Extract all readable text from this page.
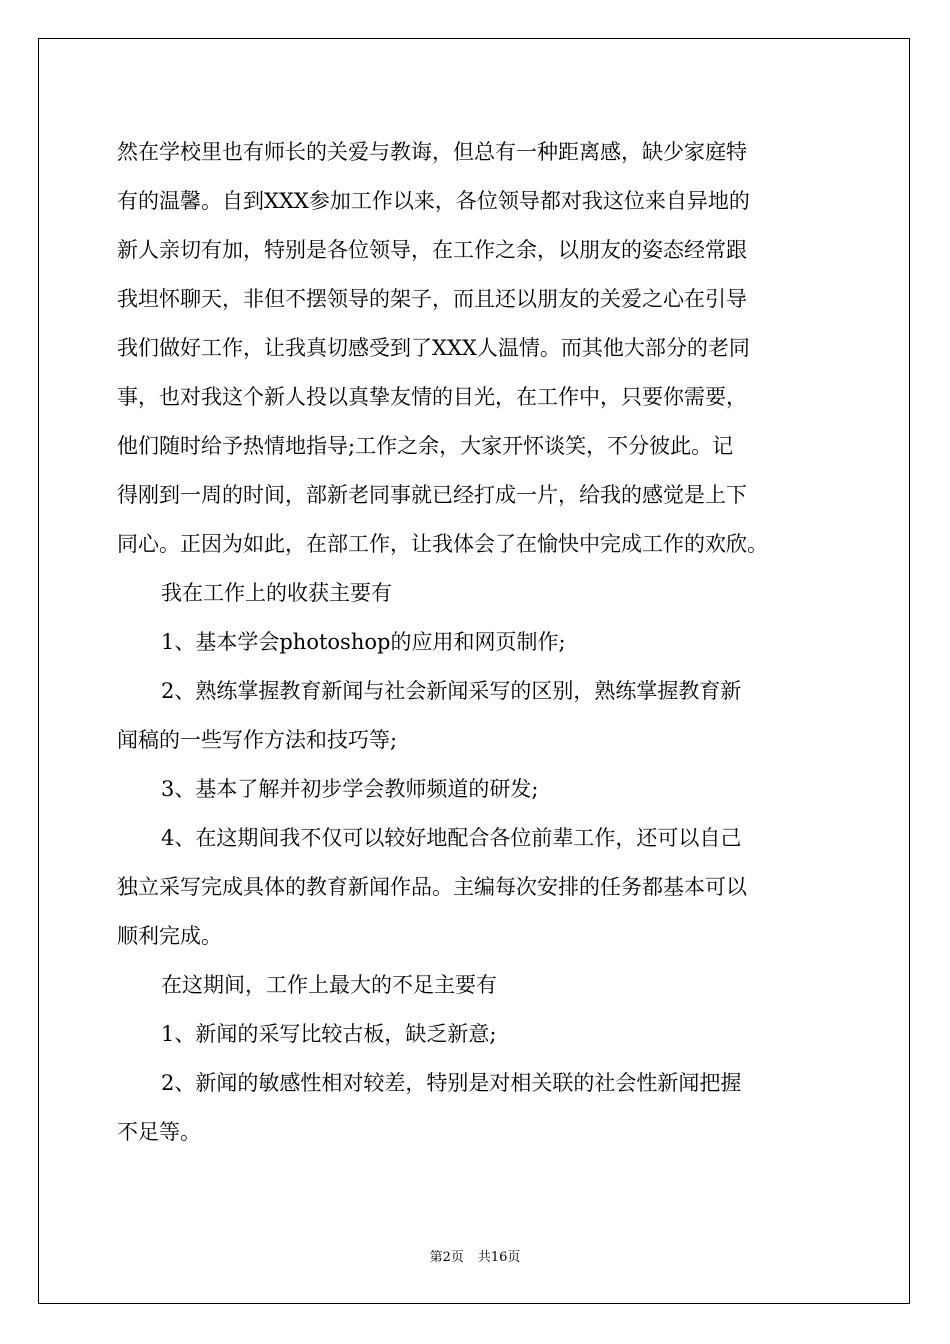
然在学校里也有师长的关爱与教诲，但总有一种距离感，缺少家庭特
有的温馨。自到XXX参加工作以来，各位领导都对我这位来自异地的
新人亲切有加，特别是各位领导，在工作之余，以朋友的姿态经常跟
我坦怀聊天，非但不摆领导的架子，而且还以朋友的关爱之心在引导
我们做好工作，让我真切感受到了XXX人温情。而其他大部分的老同
事，也对我这个新人投以真挚友情的目光，在工作中，只要你需要，
他们随时给予热情地指导;工作之余，大家开怀谈笑，不分彼此。记
得刚到一周的时间，部新老同事就已经打成一片，给我的感觉是上下
同心。正因为如此，在部工作，让我体会了在愉快中完成工作的欢欣。
我在工作上的收获主要有
1、基本学会photoshop的应用和网页制作;
2、熟练掌握教育新闻与社会新闻采写的区别，熟练掌握教育新
闻稿的一些写作方法和技巧等;
3、基本了解并初步学会教师频道的研发;
4、在这期间我不仅可以较好地配合各位前辈工作，还可以自己
独立采写完成具体的教育新闻作品。主编每次安排的任务都基本可以
顺利完成。
在这期间，工作上最大的不足主要有
1、新闻的采写比较古板，缺乏新意;
2、新闻的敏感性相对较差，特别是对相关联的社会性新闻把握
不足等。
第2页 共16页
